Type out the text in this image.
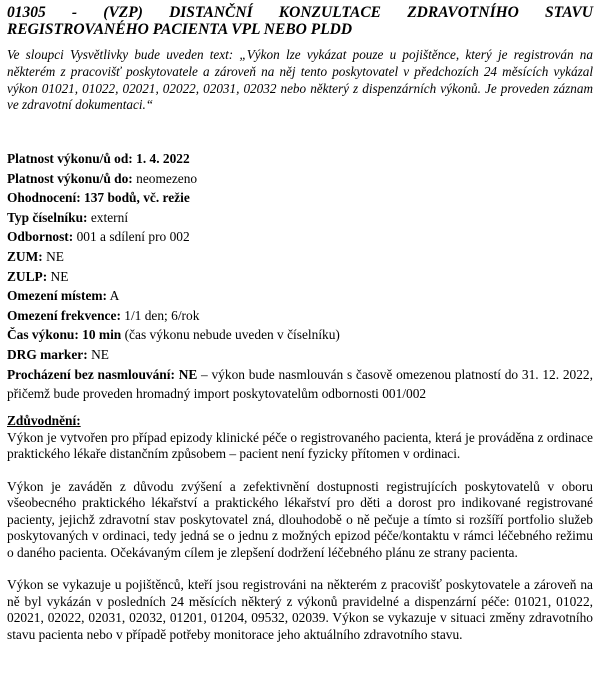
01305 - (VZP) DISTANČNÍ KONZULTACE ZDRAVOTNÍHO STAVU
REGISTROVANÉHO PACIENTA VPL NEBO PLDD
Ve sloupci Vysvětlivky bude uveden text: „Výkon lze vykázat pouze u pojištěnce, který je registrován na některém z pracovišť poskytovatele a zároveň na něj tento poskytovatel v předchozích 24 měsících vykázal výkon 01021, 01022, 02021, 02022, 02031, 02032 nebo některý z dispenzárních výkonů. Je proveden záznam ve zdravotní dokumentaci.“
Platnost výkonu/ů od: 1. 4. 2022
Platnost výkonu/ů do: neomezeno
Ohodnocení: 137 bodů, vč. režie
Typ číselníku: externí
Odbornost: 001 a sdílení pro 002
ZUM: NE
ZULP: NE
Omezení místem: A
Omezení frekvence: 1/1 den; 6/rok
Čas výkonu: 10 min (čas výkonu nebude uveden v číselníku)
DRG marker: NE
Procházení bez nasmlouvání: NE – výkon bude nasmlouván s časově omezenou platností do 31. 12. 2022, přičemž bude proveden hromadný import poskytovatelům odbornosti 001/002
Zdůvodnění:

Výkon je vytvořen pro případ epizody klinické péče o registrovaného pacienta, která je prováděna z ordinace praktického lékaře distančním způsobem – pacient není fyzicky přítomen v ordinaci.

Výkon je zaváděn z důvodu zvýšení a zefektivnění dostupnosti registrujících poskytovatelů v oboru všeobecného praktického lékařství a praktického lékařství pro děti a dorost pro indikované registrované pacienty, jejichž zdravotní stav poskytovatel zná, dlouhodobě o ně pečuje a tímto si rozšíří portfolio služeb poskytovaných v ordinaci, tedy jedná se o jednu z možných epizod péče/kontaktu v rámci léčebného režimu o daného pacienta. Očekávaným cílem je zlepšení dodržení léčebného plánu ze strany pacienta.

Výkon se vykazuje u pojištěnců, kteří jsou registrováni na některém z pracovišť poskytovatele a zároveň na ně byl vykázán v posledních 24 měsících některý z výkonů pravidelné a dispenzární péče: 01021, 01022, 02021, 02022, 02031, 02032, 01201, 01204, 09532, 02039. Výkon se vykazuje v situaci změny zdravotního stavu pacienta nebo v případě potřeby monitorace jeho aktuálního zdravotního stavu.
